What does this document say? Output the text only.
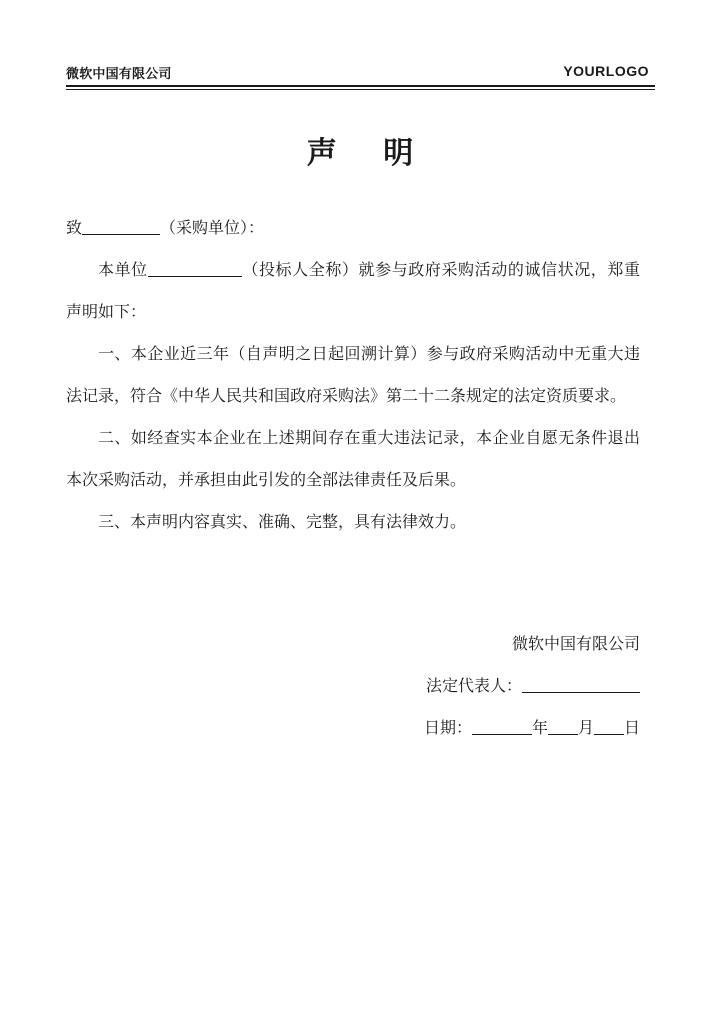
微软中国有限公司	YOURLOGO
声 明

致	（采购单位）：

本单位	（投标人全称）就参与政府采购活动的诚信状况，郑重声明如下：

一、本企业近三年（自声明之日起回溯计算）参与政府采购活动中无重大违法记录，符合《中华人民共和国政府采购法》第二十二条规定的法定资质要求。

二、如经查实本企业在上述期间存在重大违法记录，本企业自愿无条件退出本次采购活动，并承担由此引发的全部法律责任及后果。

三、本声明内容真实、准确、完整，具有法律效力。

微软中国有限公司
法定代表人：
日期：	年 月 日
